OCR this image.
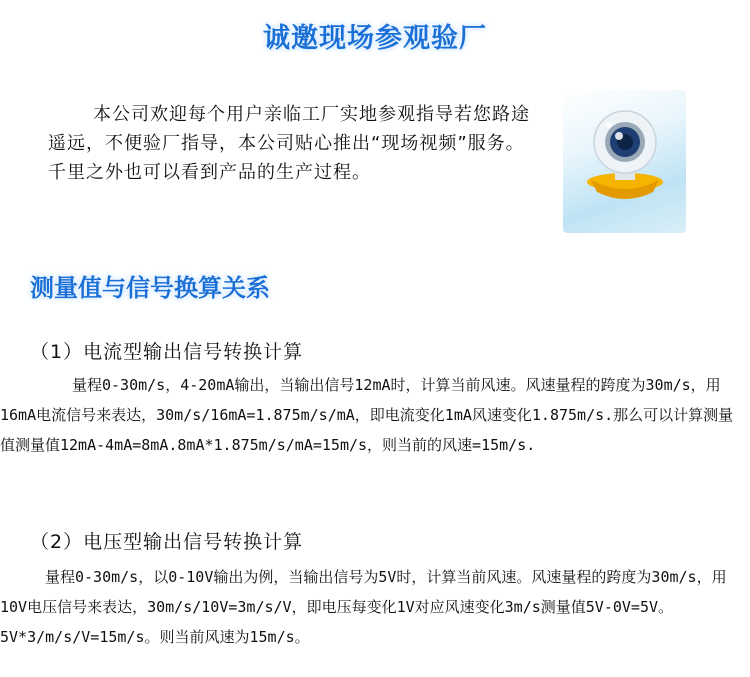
诚邀现场参观验厂

本公司欢迎每个用户亲临工厂实地参观指导若您路途遥远，不便验厂指导，本公司贴心推出“现场视频”服务。千里之外也可以看到产品的生产过程。

测量值与信号换算关系
（1）电流型输出信号转换计算

量程0-30m/s，4-20mA输出，当输出信号12mA时，计算当前风速。风速量程的跨度为30m/s，用16mA电流信号来表达，30m/s/16mA=1.875m/s/mA，即电流变化1mA风速变化1.875m/s.那么可以计算测量值测量值12mA-4mA=8mA.8mA*1.875m/s/mA=15m/s，则当前的风速=15m/s.

（2）电压型输出信号转换计算

量程0-30m/s，以0-10V输出为例，当输出信号为5V时，计算当前风速。风速量程的跨度为30m/s，用10V电压信号来表达，30m/s/10V=3m/s/V，即电压每变化1V对应风速变化3m/s测量值5V-0V=5V。5V*3/m/s/V=15m/s。则当前风速为15m/s。
